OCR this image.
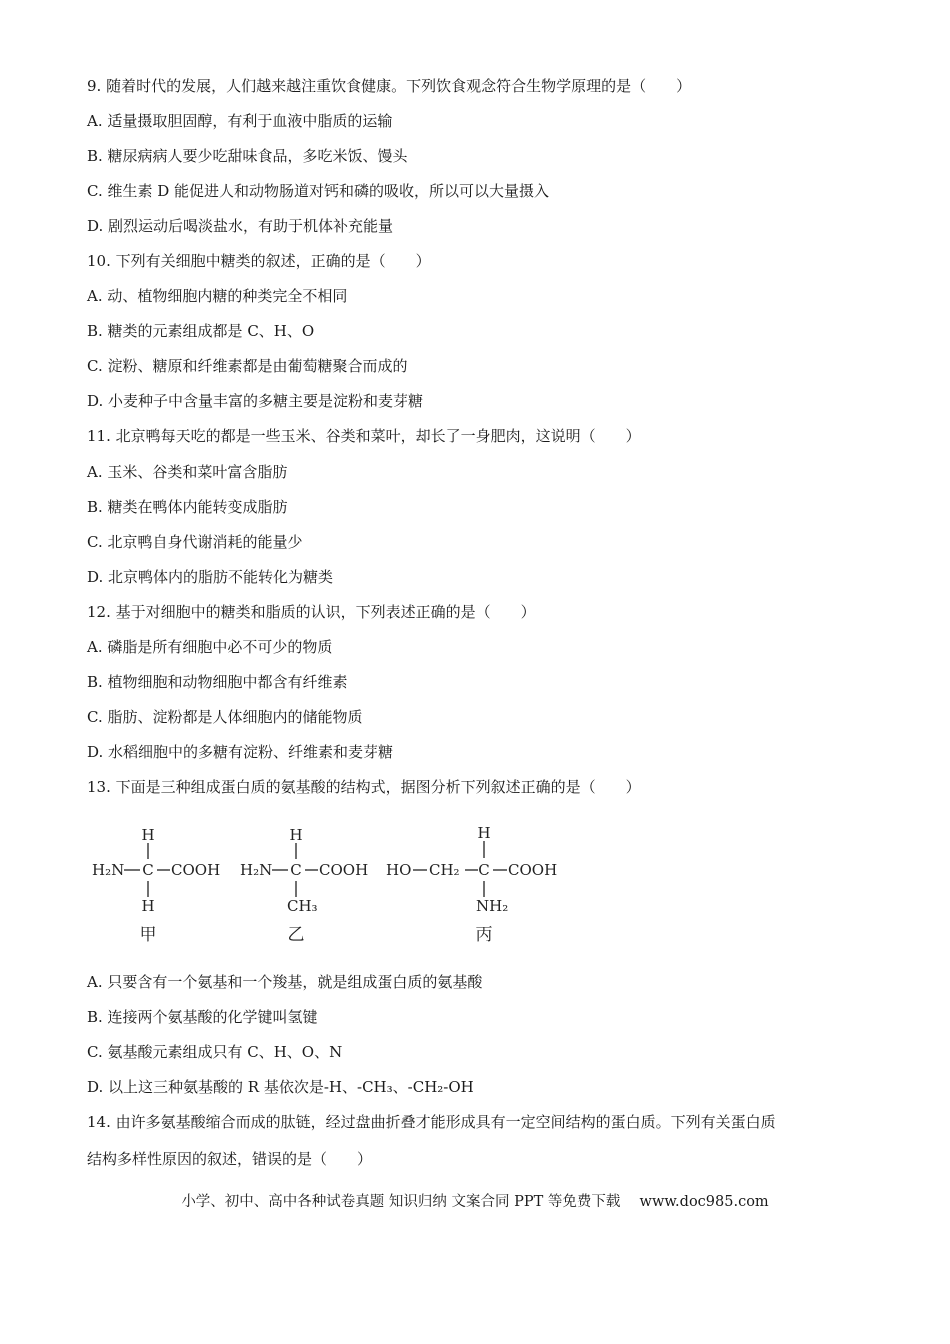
9. 随着时代的发展，人们越来越注重饮食健康。下列饮食观念符合生物学原理的是（　　）
A. 适量摄取胆固醇，有利于血液中脂质的运输
B. 糖尿病病人要少吃甜味食品，多吃米饭、馒头
C. 维生素 D 能促进人和动物肠道对钙和磷的吸收，所以可以大量摄入
D. 剧烈运动后喝淡盐水，有助于机体补充能量
10. 下列有关细胞中糖类的叙述，正确的是（　　）
A. 动、植物细胞内糖的种类完全不相同
B. 糖类的元素组成都是 C、H、O
C. 淀粉、糖原和纤维素都是由葡萄糖聚合而成的
D. 小麦种子中含量丰富的多糖主要是淀粉和麦芽糖
11. 北京鸭每天吃的都是一些玉米、谷类和菜叶，却长了一身肥肉，这说明（　　）
A. 玉米、谷类和菜叶富含脂肪
B. 糖类在鸭体内能转变成脂肪
C. 北京鸭自身代谢消耗的能量少
D. 北京鸭体内的脂肪不能转化为糖类
12. 基于对细胞中的糖类和脂质的认识，下列表述正确的是（　　）
A. 磷脂是所有细胞中必不可少的物质
B. 植物细胞和动物细胞中都含有纤维素
C. 脂肪、淀粉都是人体细胞内的储能物质
D. 水稻细胞中的多糖有淀粉、纤维素和麦芽糖
13. 下面是三种组成蛋白质的氨基酸的结构式，据图分析下列叙述正确的是（　　）
H
H₂N C COOH
H
甲
H
H₂N C COOH
CH₃
乙
H
HO CH₂ C COOH
NH₂
丙
A. 只要含有一个氨基和一个羧基，就是组成蛋白质的氨基酸
B. 连接两个氨基酸的化学键叫氢键
C. 氨基酸元素组成只有 C、H、O、N
D. 以上这三种氨基酸的 R 基依次是-H、-CH₃、-CH₂-OH
14. 由许多氨基酸缩合而成的肽链，经过盘曲折叠才能形成具有一定空间结构的蛋白质。下列有关蛋白质
结构多样性原因的叙述，错误的是（　　）
小学、初中、高中各种试卷真题 知识归纳 文案合同 PPT 等免费下载　 www.doc985.com
